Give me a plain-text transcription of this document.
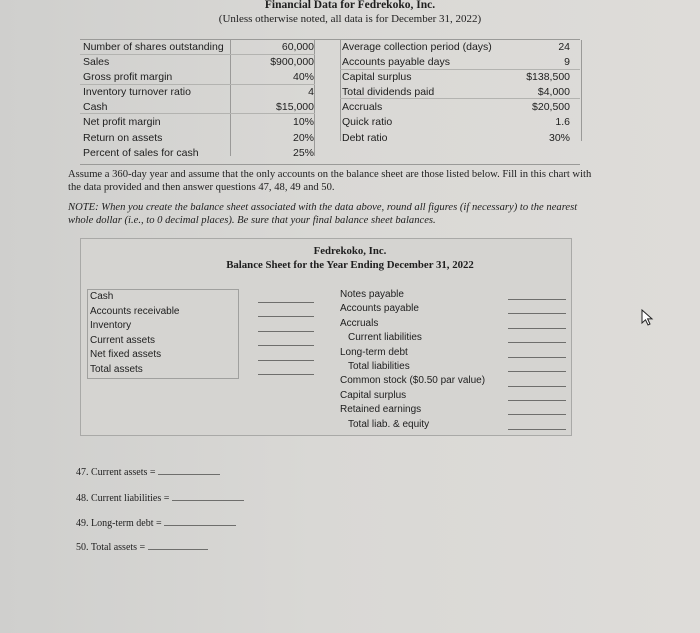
Financial Data for Fedrekoko, Inc.
(Unless otherwise noted, all data is for December 31, 2022)
Number of shares outstanding	60,000	Average collection period (days)	24
Sales	$900,000	Accounts payable days	9
Gross profit margin	40%	Capital surplus	$138,500
Inventory turnover ratio	4	Total dividends paid	$4,000
Cash	$15,000	Accruals	$20,500
Net profit margin	10%	Quick ratio	1.6
Return on assets	20%	Debt ratio	30%
Percent of sales for cash	25%
Assume a 360-day year and assume that the only accounts on the balance sheet are those listed below. Fill in this chart with the data provided and then answer questions 47, 48, 49 and 50.
NOTE: When you create the balance sheet associated with the data above, round all figures (if necessary) to the nearest whole dollar (i.e., to 0 decimal places). Be sure that your final balance sheet balances.
Fedrekoko, Inc.
Balance Sheet for the Year Ending December 31, 2022
Cash
Accounts receivable
Inventory
Current assets
Net fixed assets
Total assets
Notes payable
Accounts payable
Accruals
Current liabilities
Long-term debt
Total liabilities
Common stock ($0.50 par value)
Capital surplus
Retained earnings
Total liab. & equity
47. Current assets =
48. Current liabilities =
49. Long-term debt =
50. Total assets =
